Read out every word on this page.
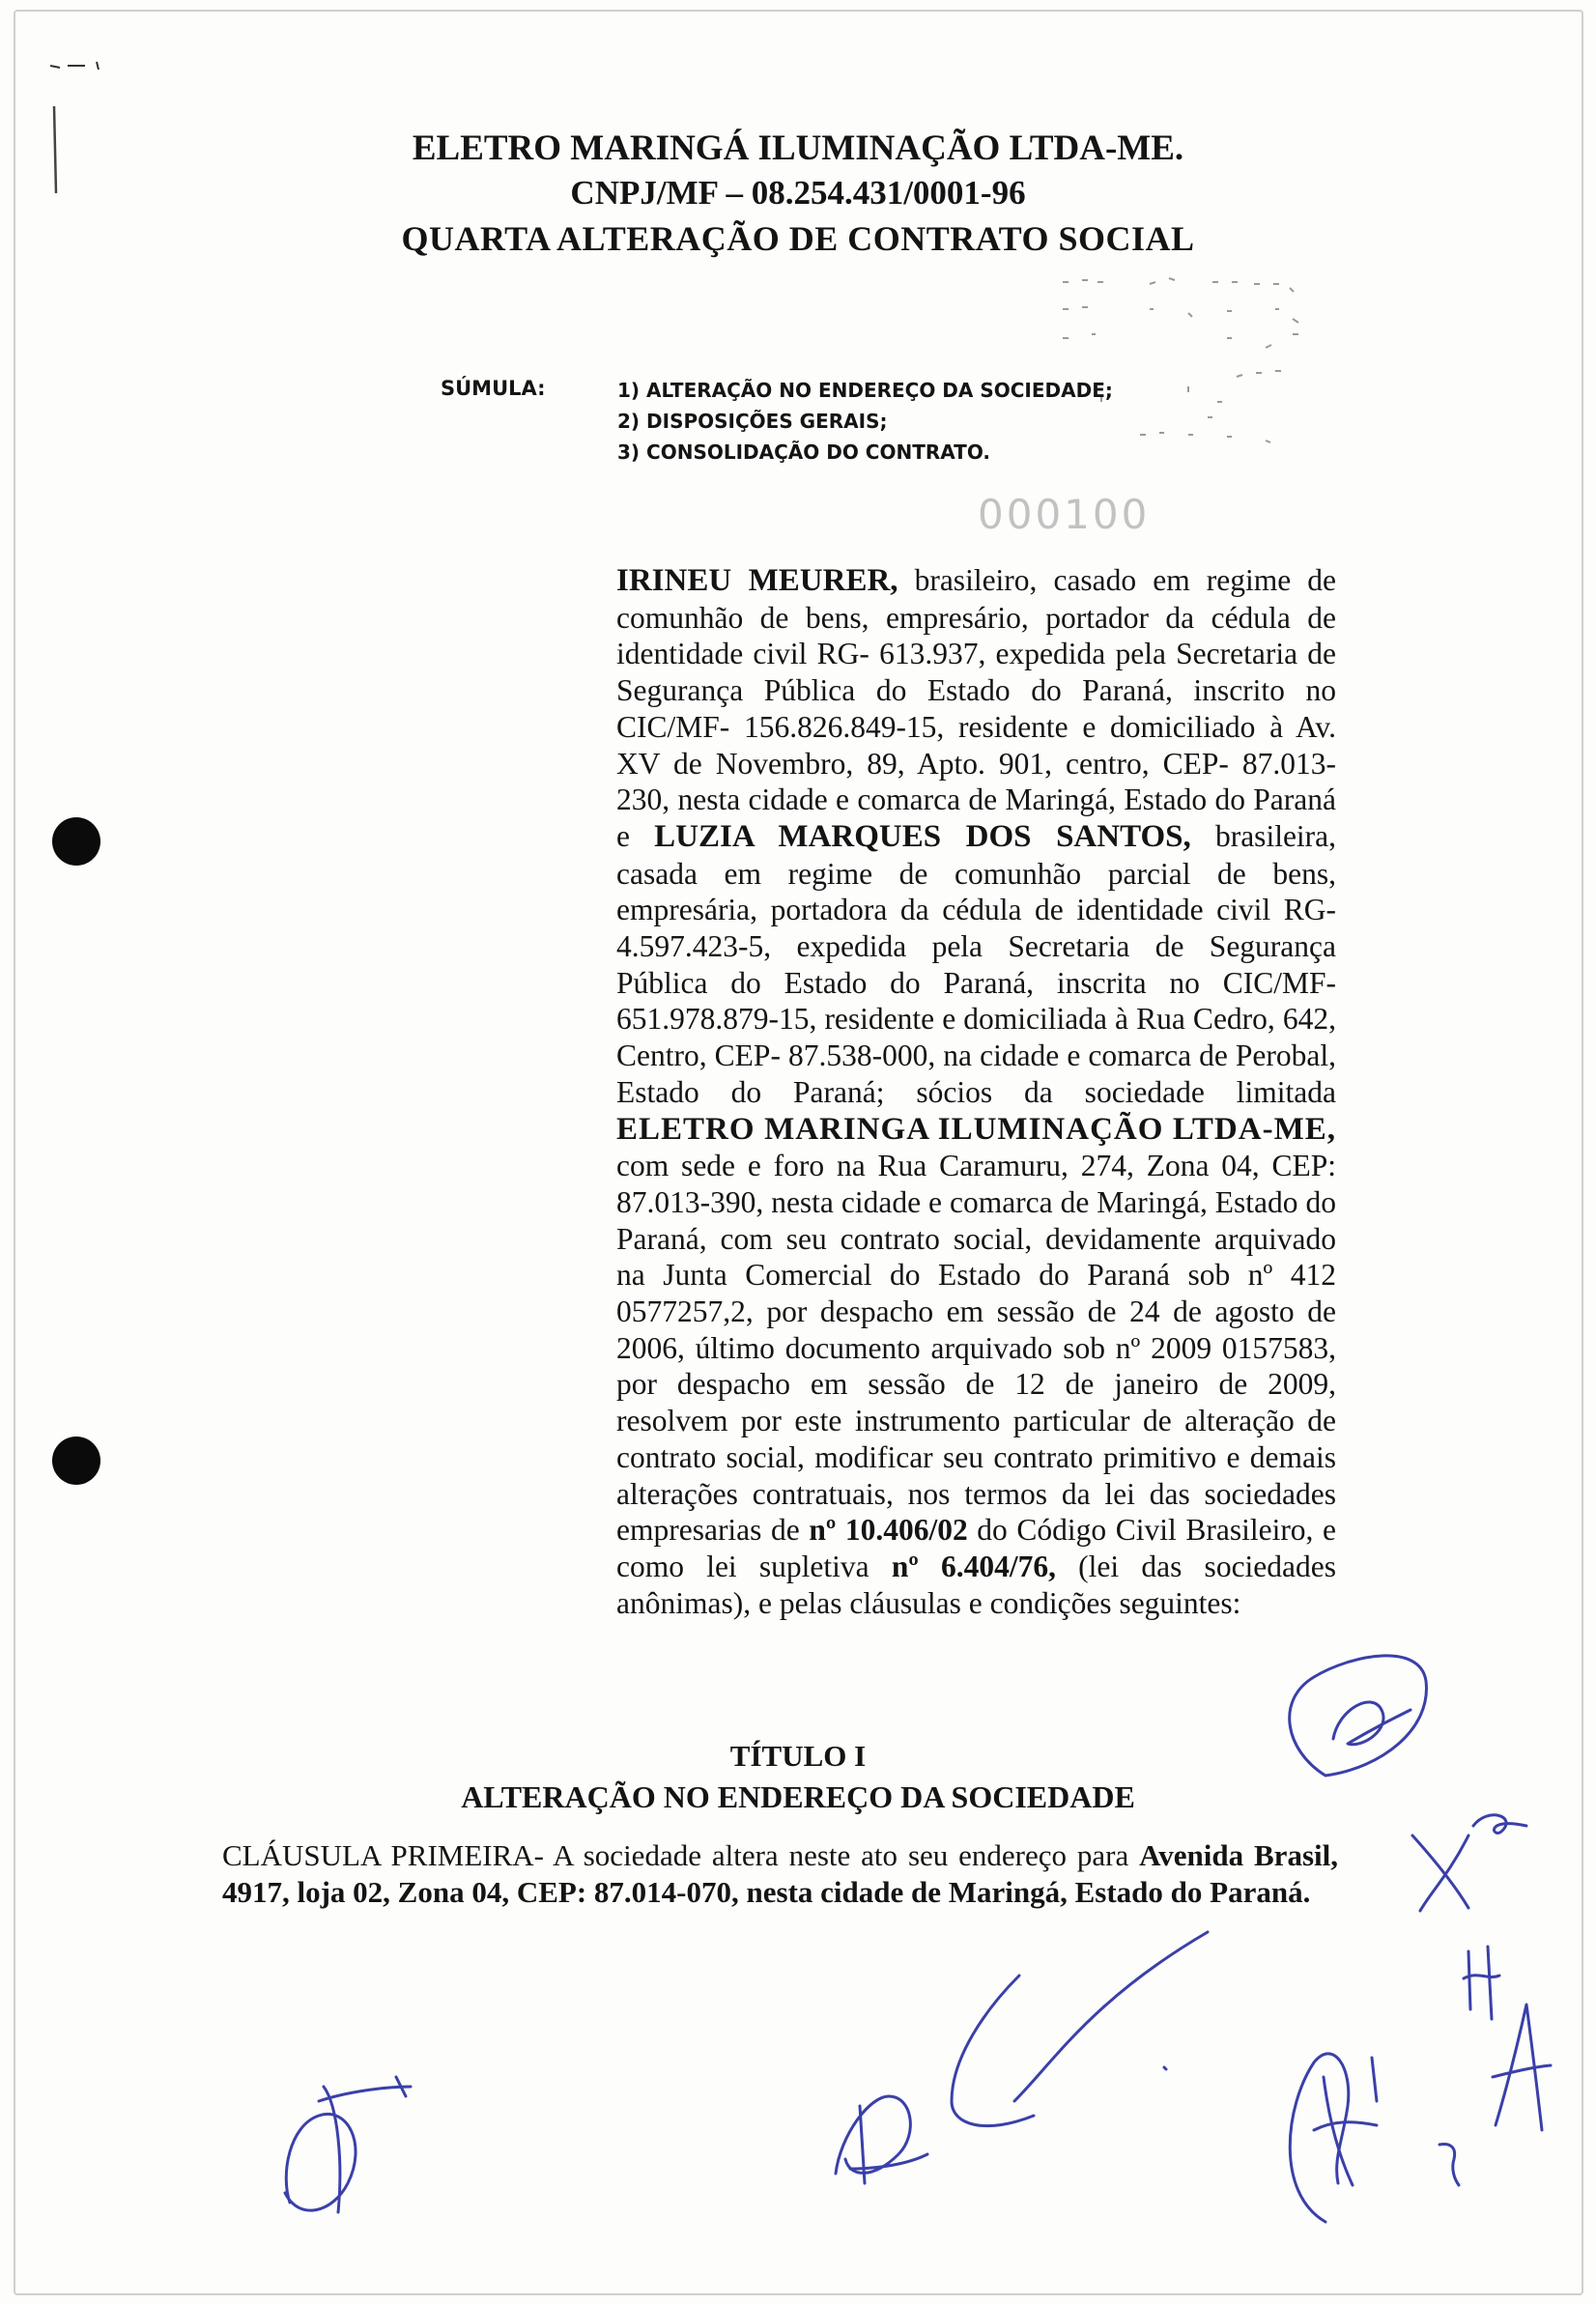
ELETRO MARINGÁ ILUMINAÇÃO LTDA-ME.
CNPJ/MF – 08.254.431/0001-96
QUARTA ALTERAÇÃO DE CONTRATO SOCIAL
SÚMULA:	1) ALTERAÇÃO NO ENDEREÇO DA SOCIEDADE;
2) DISPOSIÇÕES GERAIS;
3) CONSOLIDAÇÃO DO CONTRATO.
000100

IRINEU MEURER, brasileiro, casado em regime de comunhão de bens, empresário, portador da cédula de identidade civil RG- 613.937, expedida pela Secretaria de Segurança Pública do Estado do Paraná, inscrito no CIC/MF- 156.826.849-15, residente e domiciliado à Av. XV de Novembro, 89, Apto. 901, centro, CEP- 87.013-230, nesta cidade e comarca de Maringá, Estado do Paraná e LUZIA MARQUES DOS SANTOS, brasileira, casada em regime de comunhão parcial de bens, empresária, portadora da cédula de identidade civil RG-4.597.423-5, expedida pela Secretaria de Segurança Pública do Estado do Paraná, inscrita no CIC/MF-651.978.879-15, residente e domiciliada à Rua Cedro, 642, Centro, CEP- 87.538-000, na cidade e comarca de Perobal, Estado do Paraná; sócios da sociedade limitada ELETRO MARINGA ILUMINAÇÃO LTDA-ME, com sede e foro na Rua Caramuru, 274, Zona 04, CEP: 87.013-390, nesta cidade e comarca de Maringá, Estado do Paraná, com seu contrato social, devidamente arquivado na Junta Comercial do Estado do Paraná sob nº 412 0577257,2, por despacho em sessão de 24 de agosto de 2006, último documento arquivado sob nº 2009 0157583, por despacho em sessão de 12 de janeiro de 2009, resolvem por este instrumento particular de alteração de contrato social, modificar seu contrato primitivo e demais alterações contratuais, nos termos da lei das sociedades empresarias de nº 10.406/02 do Código Civil Brasileiro, e como lei supletiva nº 6.404/76, (lei das sociedades anônimas), e pelas cláusulas e condições seguintes:

TÍTULO I
ALTERAÇÃO NO ENDEREÇO DA SOCIEDADE

CLÁUSULA PRIMEIRA- A sociedade altera neste ato seu endereço para Avenida Brasil, 4917, loja 02, Zona 04, CEP: 87.014-070, nesta cidade de Maringá, Estado do Paraná.
